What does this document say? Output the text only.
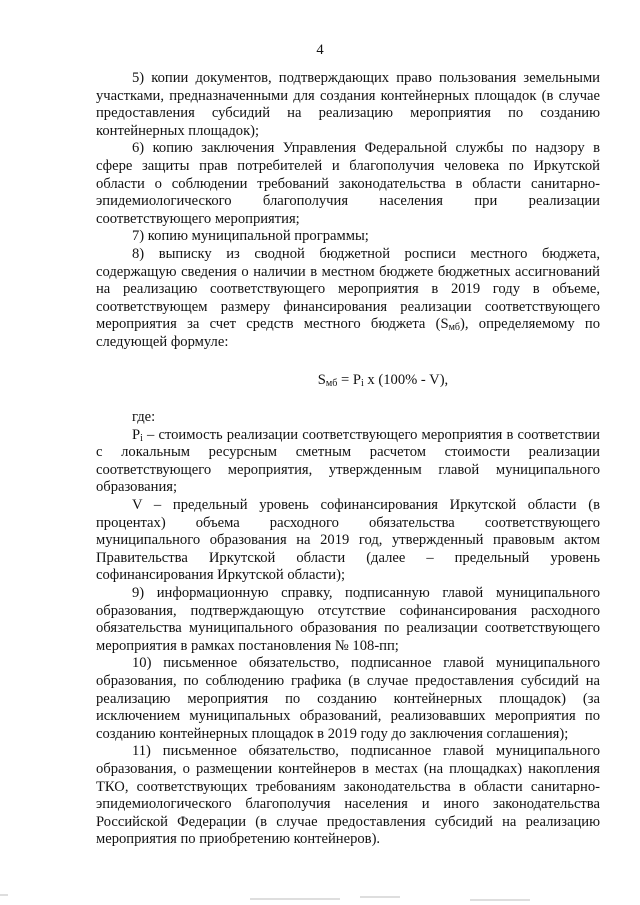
4

5) копии документов, подтверждающих право пользования земельными участками, предназначенными для создания контейнерных площадок (в случае предоставления субсидий на реализацию мероприятия по созданию контейнерных площадок);

6) копию заключения Управления Федеральной службы по надзору в сфере защиты прав потребителей и благополучия человека по Иркутской области о соблюдении требований законодательства в области санитарно-эпидемиологического благополучия населения при реализации соответствующего мероприятия;

7) копию муниципальной программы;

8) выписку из сводной бюджетной росписи местного бюджета, содержащую сведения о наличии в местном бюджете бюджетных ассигнований на реализацию соответствующего мероприятия в 2019 году в объеме, соответствующем размеру финансирования реализации соответствующего мероприятия за счет средств местного бюджета $(S_{мб})$, определяемому по следующей формуле:

$S_{мб} = P_i$ x (100% - V),

где:

$P_i$ – стоимость реализации соответствующего мероприятия в соответствии с локальным ресурсным сметным расчетом стоимости реализации соответствующего мероприятия, утвержденным главой муниципального образования;

V – предельный уровень софинансирования Иркутской области (в процентах) объема расходного обязательства соответствующего муниципального образования на 2019 год, утвержденный правовым актом Правительства Иркутской области (далее – предельный уровень софинансирования Иркутской области);

9) информационную справку, подписанную главой муниципального образования, подтверждающую отсутствие софинансирования расходного обязательства муниципального образования по реализации соответствующего мероприятия в рамках постановления № 108-пп;

10) письменное обязательство, подписанное главой муниципального образования, по соблюдению графика (в случае предоставления субсидий на реализацию мероприятия по созданию контейнерных площадок) (за исключением муниципальных образований, реализовавших мероприятия по созданию контейнерных площадок в 2019 году до заключения соглашения);

11) письменное обязательство, подписанное главой муниципального образования, о размещении контейнеров в местах (на площадках) накопления ТКО, соответствующих требованиям законодательства в области санитарно-эпидемиологического благополучия населения и иного законодательства Российской Федерации (в случае предоставления субсидий на реализацию мероприятия по приобретению контейнеров).
